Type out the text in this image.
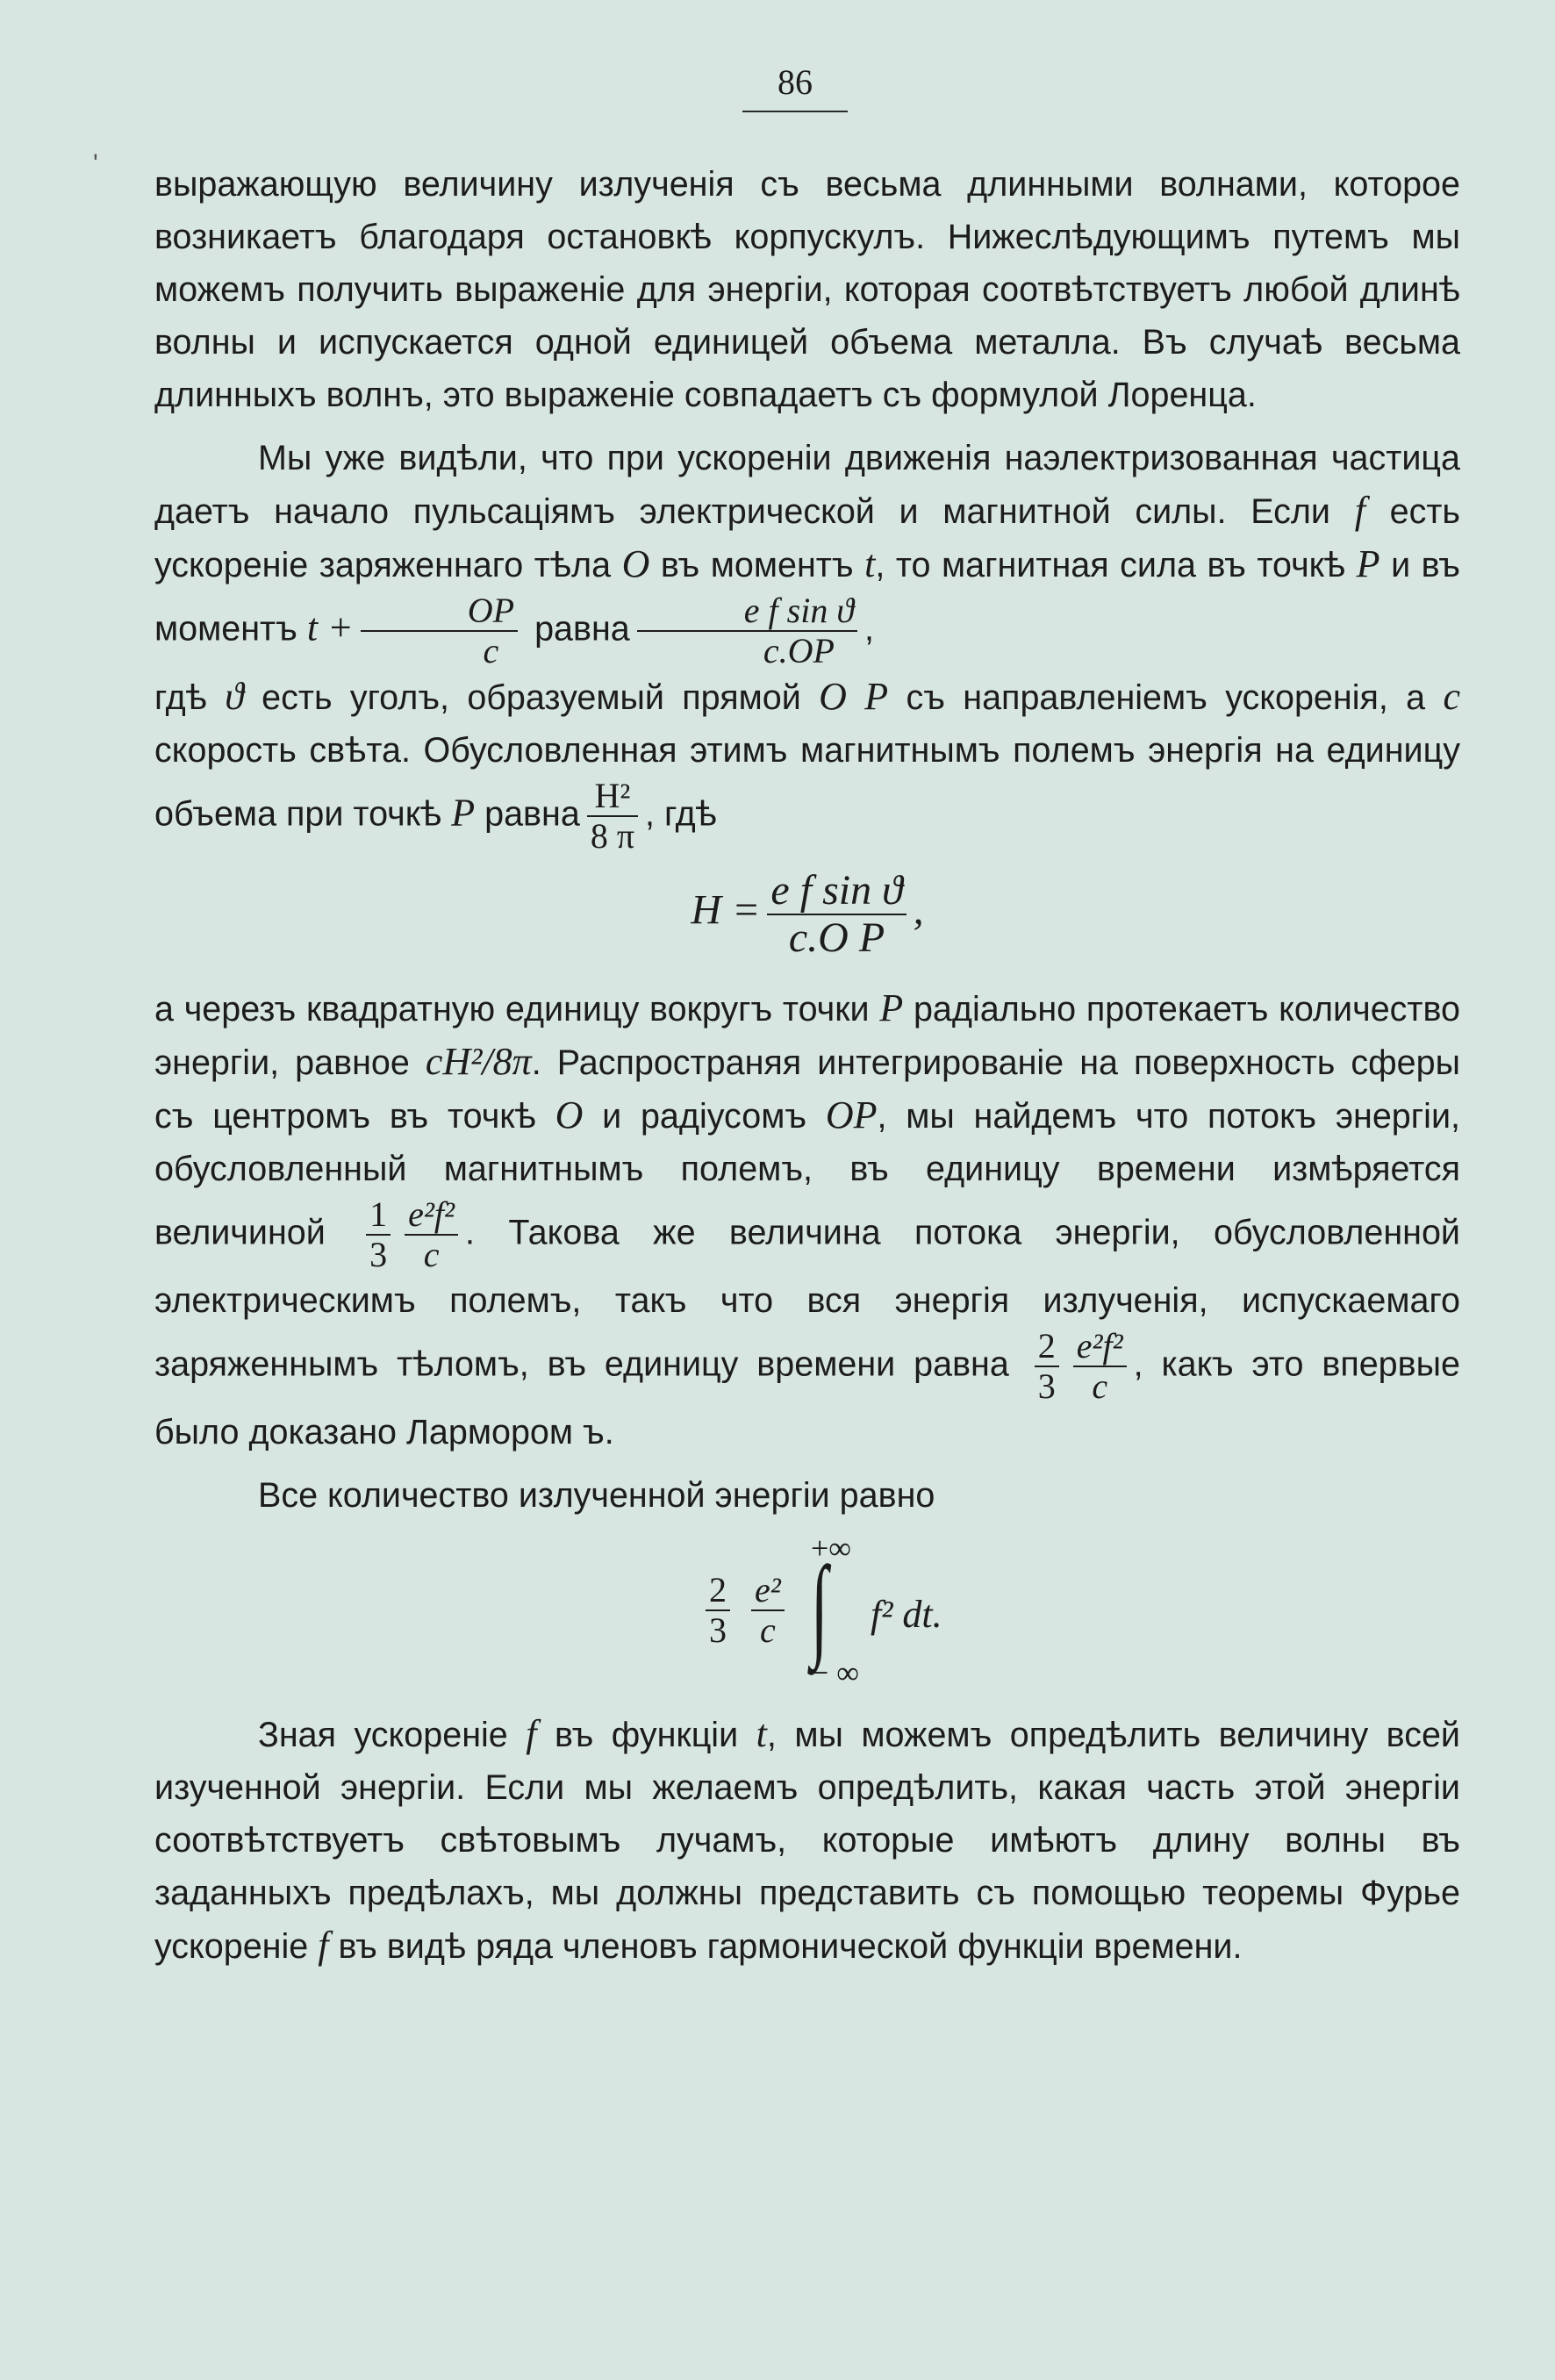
ʹ
86

выражающую величину излученія съ весьма длинными волнами, которое возникаетъ благодаря остановкѣ корпускулъ. Нижеслѣдующимъ путемъ мы можемъ получить выраженіе для энергіи, которая соотвѣтствуетъ любой длинѣ волны и испускается одной единицей объема металла. Въ случаѣ весьма длинныхъ волнъ, это выраженіе совпадаетъ съ формулой Лоренца.

Мы уже видѣли, что при ускореніи движенія наэлектризованная частица даетъ начало пульсаціямъ электрической и магнитной силы. Если f есть ускореніе заряженнаго тѣла O въ моментъ t, то магнитная сила въ точкѣ P и въ моментъ $t + \frac{OP}{c}$ равна $\frac{\text{e f sin ϑ}}{c.OP}$ ,

гдѣ ϑ есть уголъ, образуемый прямой O P съ направленіемъ ускоренія, а c скорость свѣта. Обусловленная этимъ магнитнымъ полемъ энергія на единицу объема при точкѣ P равна $\frac{\text{H²}}{8 \pi}$ , гдѣ

$H = \frac{\text{e f sin ϑ}}{\text{c.O P}}$ ,

а черезъ квадратную единицу вокругъ точки P радіально протекаетъ количество энергіи, равное cH²/8π. Распространяя интегрированіе на поверхность сферы съ центромъ въ точкѣ O и радіусомъ OP, мы найдемъ что потокъ энергіи, обусловленный магнитнымъ полемъ, въ единицу времени измѣряется величиной $\frac{1}{3} \frac{\text{e²f²}}{c}$ . Такова же величина потока энергіи, обусловленной электрическимъ полемъ, такъ что вся энергія излученія, испускаемаго заряженнымъ тѣломъ, въ единицу времени равна $\frac{2}{3} \frac{\text{e²f²}}{c}$ , какъ это впервые было доказано Лармором ъ.

Все количество излученной энергіи равно

$\frac{2}{3} \frac{\text{e²}}{c}$
+∞
∫
− ∞
f² dt.

Зная ускореніе f въ функціи t, мы можемъ опредѣлить величину всей изученной энергіи. Если мы желаемъ опредѣлить, какая часть этой энергіи соотвѣтствуетъ свѣтовымъ лучамъ, которые имѣютъ длину волны въ заданныхъ предѣлахъ, мы должны представить съ помощью теоремы Фурье ускореніе f въ видѣ ряда членовъ гармонической функціи времени.
